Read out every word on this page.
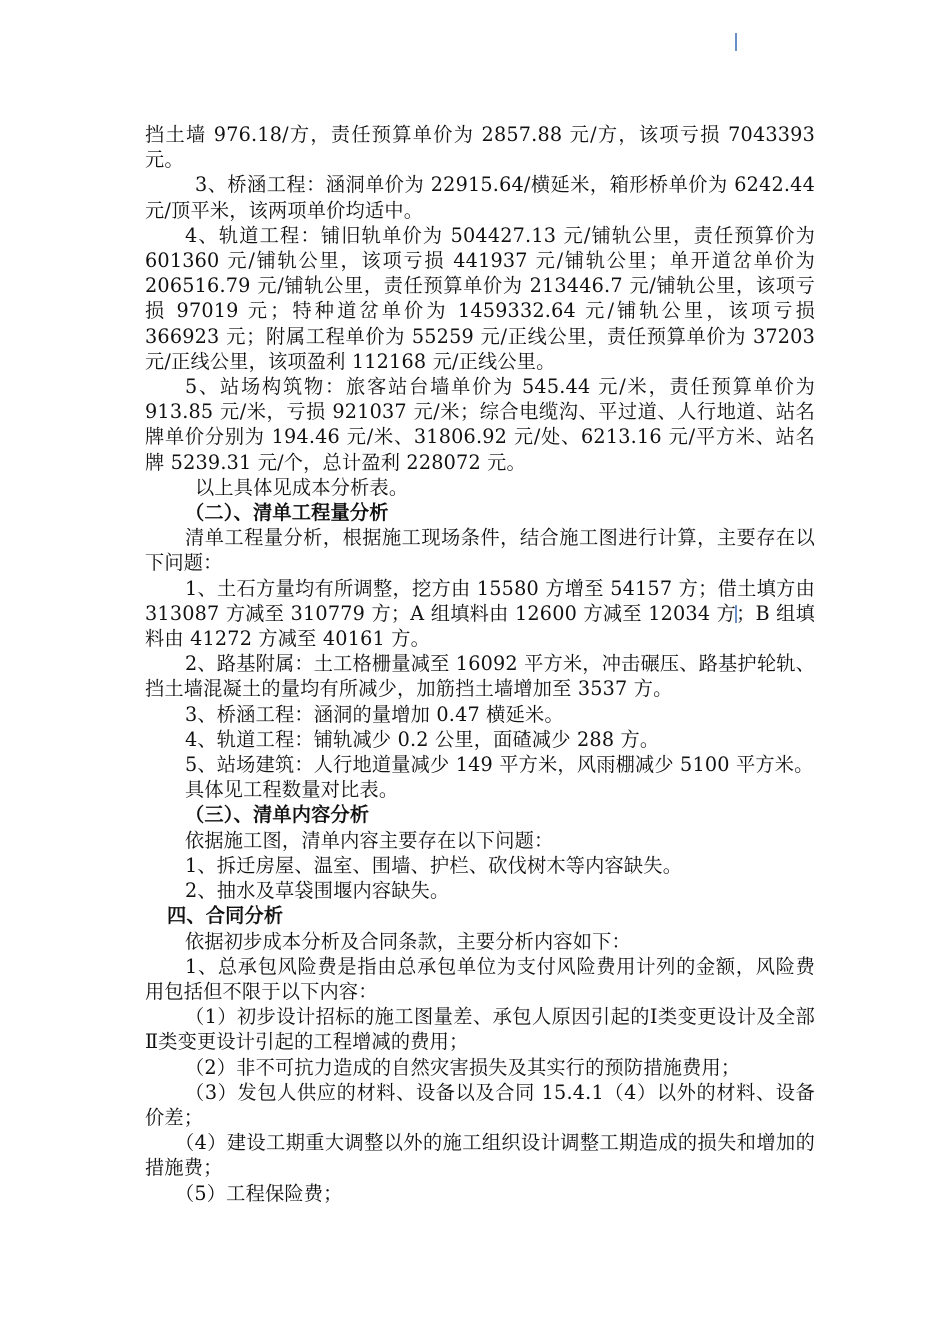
挡土墙 976.18/方，责任预算单价为 2857.88 元/方，该项亏损 7043393 元。

3、桥涵工程：涵洞单价为 22915.64/横延米，箱形桥单价为 6242.44 元/顶平米，该两项单价均适中。

4、轨道工程：铺旧轨单价为 504427.13 元/铺轨公里，责任预算价为 601360 元/铺轨公里，该项亏损 441937 元/铺轨公里；单开道岔单价为 206516.79 元/铺轨公里，责任预算单价为 213446.7 元/铺轨公里，该项亏损 97019 元；特种道岔单价为 1459332.64 元/铺轨公里，该项亏损 366923 元；附属工程单价为 55259 元/正线公里，责任预算单价为 37203 元/正线公里，该项盈利 112168 元/正线公里。

5、站场构筑物：旅客站台墙单价为 545.44 元/米，责任预算单价为 913.85 元/米，亏损 921037 元/米；综合电缆沟、平过道、人行地道、站名牌单价分别为 194.46 元/米、31806.92 元/处、6213.16 元/平方米、站名牌 5239.31 元/个，总计盈利 228072 元。

以上具体见成本分析表。

（二）、清单工程量分析

清单工程量分析，根据施工现场条件，结合施工图进行计算，主要存在以下问题：

1、土石方量均有所调整，挖方由 15580 方增至 54157 方；借土填方由 313087 方减至 310779 方；A 组填料由 12600 方减至 12034 方；B 组填料由 41272 方减至 40161 方。

2、路基附属：土工格栅量减至 16092 平方米，冲击碾压、路基护轮轨、挡土墙混凝土的量均有所减少，加筋挡土墙增加至 3537 方。

3、桥涵工程：涵洞的量增加 0.47 横延米。

4、轨道工程：铺轨减少 0.2 公里，面碴减少 288 方。

5、站场建筑：人行地道量减少 149 平方米，风雨棚减少 5100 平方米。

具体见工程数量对比表。

（三）、清单内容分析

依据施工图，清单内容主要存在以下问题：

1、拆迁房屋、温室、围墙、护栏、砍伐树木等内容缺失。

2、抽水及草袋围堰内容缺失。

四、合同分析

依据初步成本分析及合同条款，主要分析内容如下：

1、总承包风险费是指由总承包单位为支付风险费用计列的金额，风险费用包括但不限于以下内容：

（1）初步设计招标的施工图量差、承包人原因引起的Ⅰ类变更设计及全部Ⅱ类变更设计引起的工程增减的费用；

（2）非不可抗力造成的自然灾害损失及其实行的预防措施费用；

（3）发包人供应的材料、设备以及合同 15.4.1（4）以外的材料、设备价差；

（4）建设工期重大调整以外的施工组织设计调整工期造成的损失和增加的措施费；

（5）工程保险费；
